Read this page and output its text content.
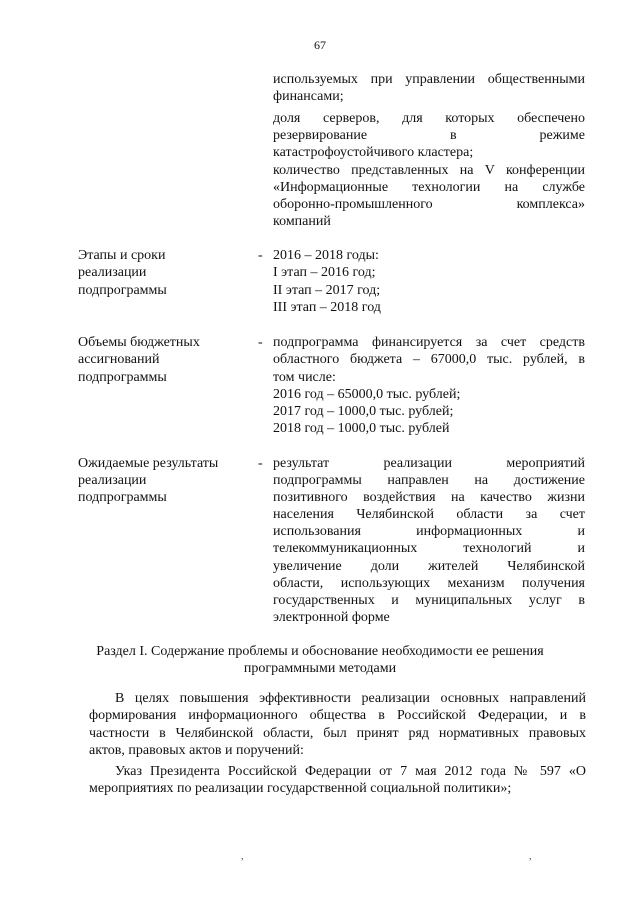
67
используемых при управлении общественными
финансами;
доля серверов, для которых обеспечено
резервирование в режиме
катастрофоустойчивого кластера;
количество представленных на V конференции
«Информационные технологии на службе
оборонно-промышленного комплекса»
компаний
Этапы и сроки
реализации
подпрограммы
- 2016 – 2018 годы:
I этап – 2016 год;
II этап – 2017 год;
III этап – 2018 год
Объемы бюджетных
ассигнований
подпрограммы
- подпрограмма финансируется за счет средств
областного бюджета – 67000,0 тыс. рублей, в
том числе:
2016 год – 65000,0 тыс. рублей;
2017 год – 1000,0 тыс. рублей;
2018 год – 1000,0 тыс. рублей
Ожидаемые результаты
реализации
подпрограммы
- результат реализации мероприятий
подпрограммы направлен на достижение
позитивного воздействия на качество жизни
населения Челябинской области за счет
использования информационных и
телекоммуникационных технологий и
увеличение доли жителей Челябинской
области, использующих механизм получения
государственных и муниципальных услуг в
электронной форме
Раздел I. Содержание проблемы и обоснование необходимости ее решения
программными методами
В целях повышения эффективности реализации основных направлений
формирования информационного общества в Российской Федерации, и в
частности в Челябинской области, был принят ряд нормативных правовых
актов, правовых актов и поручений:
Указ Президента Российской Федерации от 7 мая 2012 года № 597 «О
мероприятиях по реализации государственной социальной политики»;
,	,
